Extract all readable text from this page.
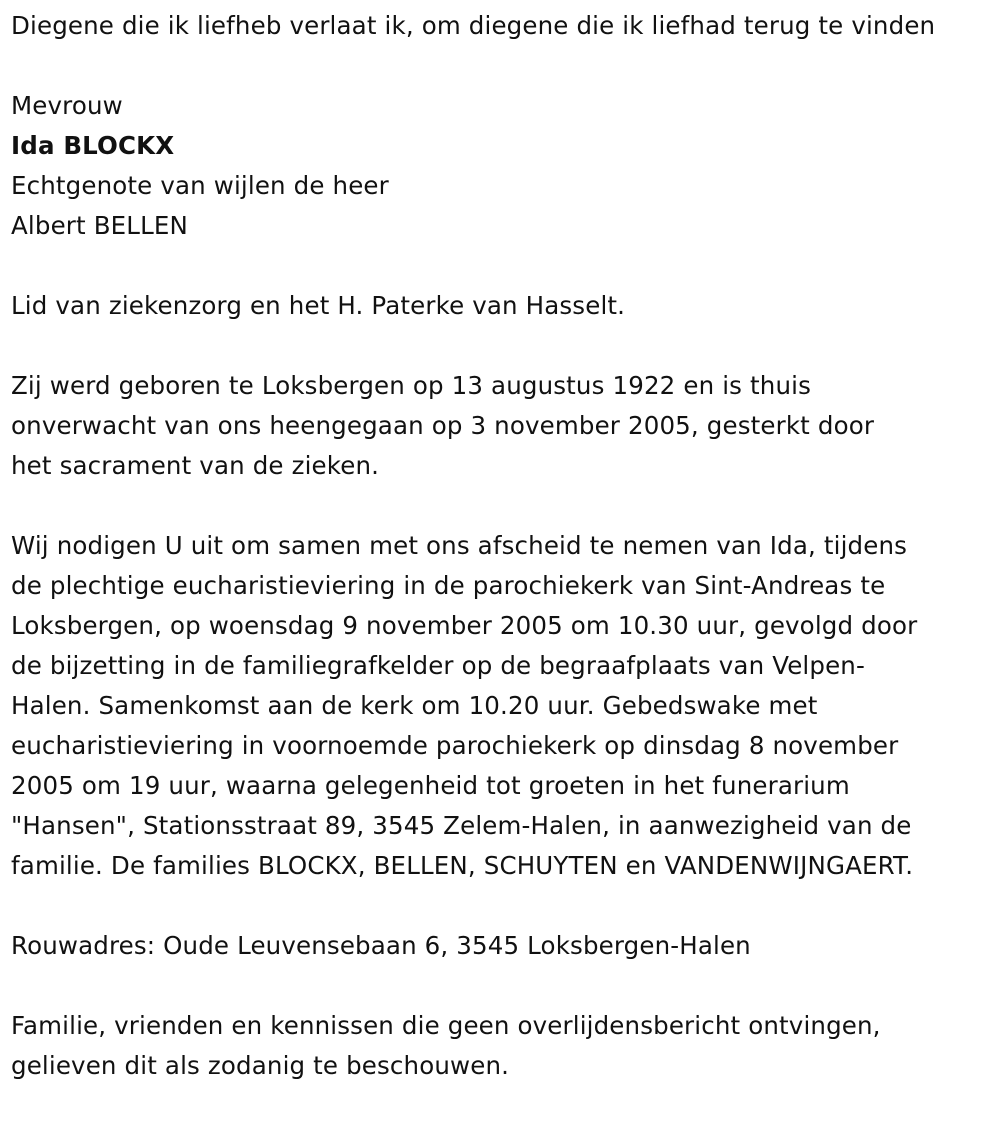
Diegene die ik liefheb verlaat ik, om diegene die ik liefhad terug te vinden

Mevrouw
Ida BLOCKX
Echtgenote van wijlen de heer
Albert BELLEN

Lid van ziekenzorg en het H. Paterke van Hasselt.

Zij werd geboren te Loksbergen op 13 augustus 1922 en is thuis
onverwacht van ons heengegaan op 3 november 2005, gesterkt door
het sacrament van de zieken.

Wij nodigen U uit om samen met ons afscheid te nemen van Ida, tijdens
de plechtige eucharistieviering in de parochiekerk van Sint-Andreas te
Loksbergen, op woensdag 9 november 2005 om 10.30 uur, gevolgd door
de bijzetting in de familiegrafkelder op de begraafplaats van Velpen-
Halen. Samenkomst aan de kerk om 10.20 uur. Gebedswake met
eucharistieviering in voornoemde parochiekerk op dinsdag 8 november
2005 om 19 uur, waarna gelegenheid tot groeten in het funerarium
"Hansen", Stationsstraat 89, 3545 Zelem-Halen, in aanwezigheid van de
familie. De families BLOCKX, BELLEN, SCHUYTEN en VANDENWIJNGAERT.

Rouwadres: Oude Leuvensebaan 6, 3545 Loksbergen-Halen

Familie, vrienden en kennissen die geen overlijdensbericht ontvingen,
gelieven dit als zodanig te beschouwen.
